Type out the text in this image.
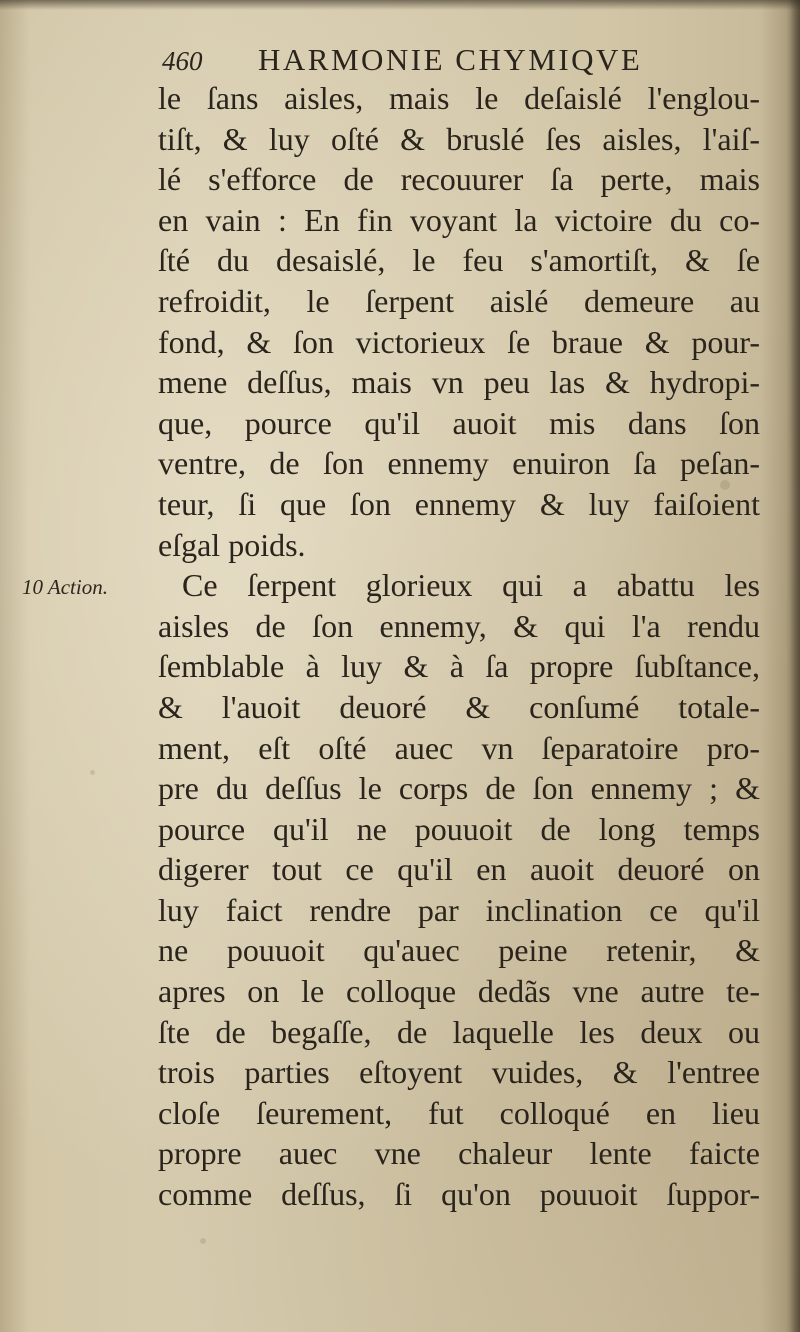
460 HARMONIE CHYMIQVE
10 Action.
le ſans aisles, mais le deſaislé l'englou-
tiſt, & luy oſté & bruslé ſes aisles, l'aiſ-
lé s'efforce de recouurer ſa perte, mais
en vain : En fin voyant la victoire du co-
ſté du desaislé, le feu s'amortiſt, & ſe
refroidit, le ſerpent aislé demeure au
fond, & ſon victorieux ſe braue & pour-
mene deſſus, mais vn peu las & hydropi-
que, pource qu'il auoit mis dans ſon
ventre, de ſon ennemy enuiron ſa peſan-
teur, ſi que ſon ennemy & luy faiſoient
eſgal poids.
Ce ſerpent glorieux qui a abattu les
aisles de ſon ennemy, & qui l'a rendu
ſemblable à luy & à ſa propre ſubſtance,
& l'auoit deuoré & conſumé totale-
ment, eſt oſté auec vn ſeparatoire pro-
pre du deſſus le corps de ſon ennemy ; &
pource qu'il ne pouuoit de long temps
digerer tout ce qu'il en auoit deuoré on
luy faict rendre par inclination ce qu'il
ne pouuoit qu'auec peine retenir, &
apres on le colloque dedãs vne autre te-
ſte de begaſſe, de laquelle les deux ou
trois parties eſtoyent vuides, & l'entree
cloſe ſeurement, fut colloqué en lieu
propre auec vne chaleur lente faicte
comme deſſus, ſi qu'on pouuoit ſuppor-
